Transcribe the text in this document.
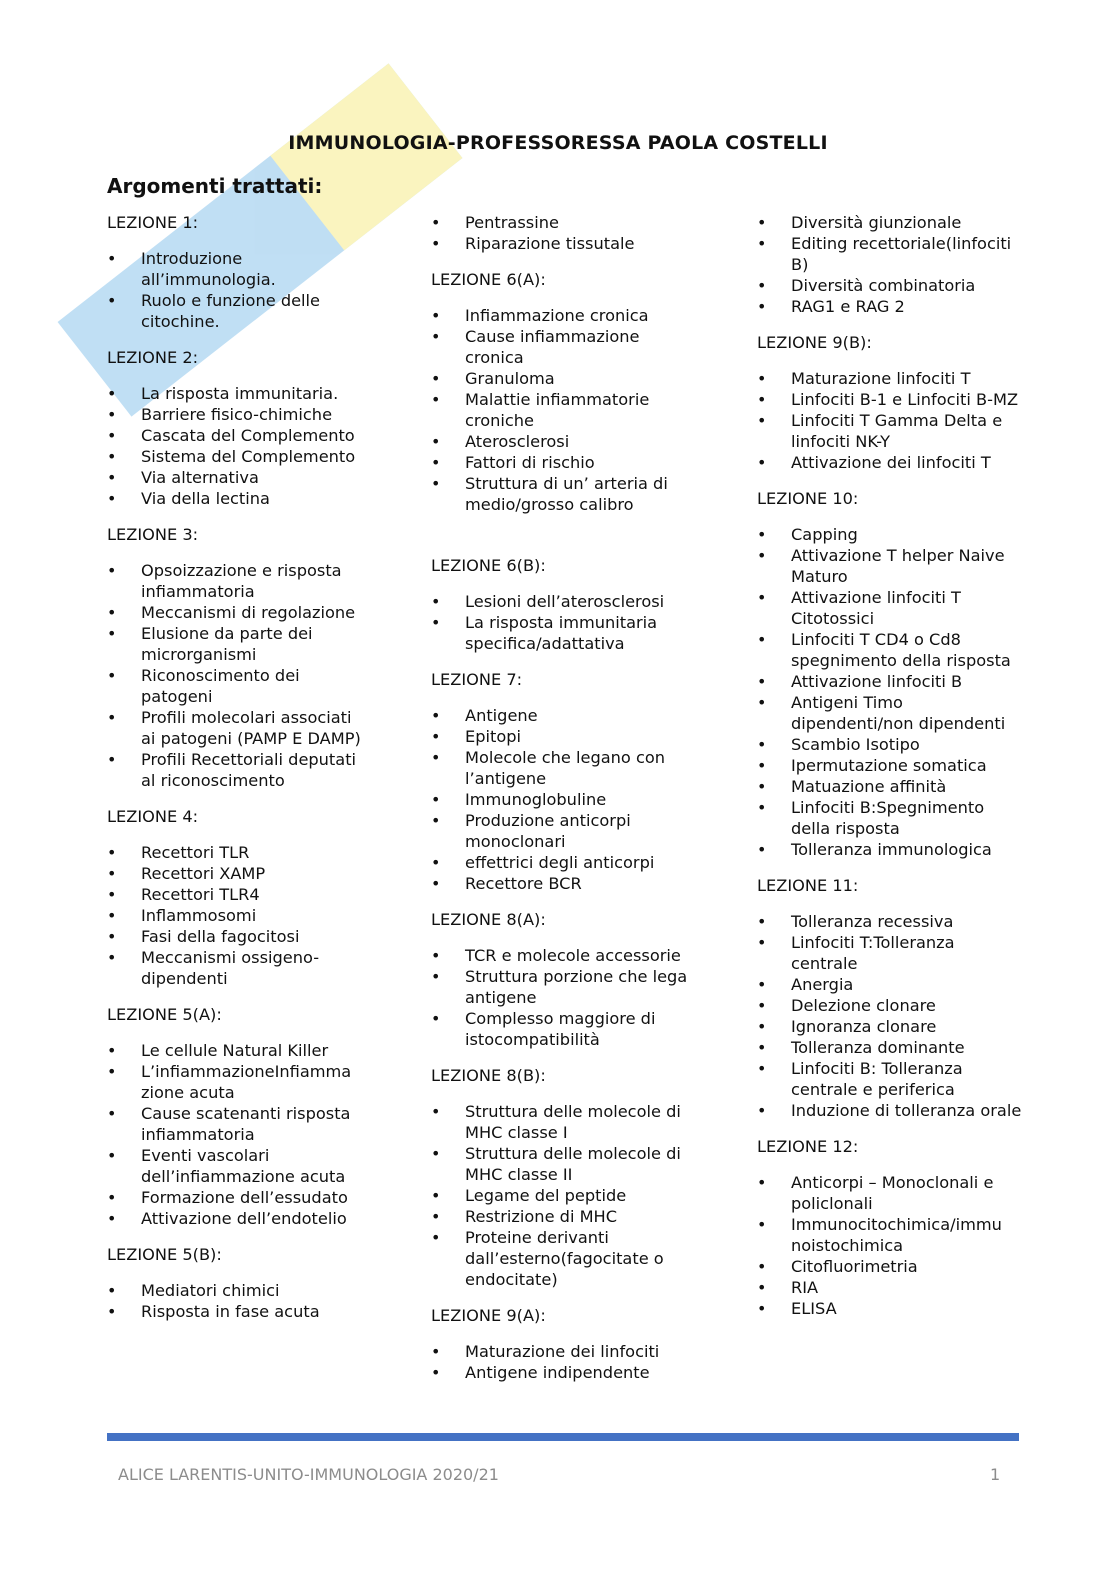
IMMUNOLOGIA-PROFESSORESSA PAOLA COSTELLI
Argomenti trattati:
LEZIONE 1:
• Introduzione all’immunologia.
• Ruolo e funzione delle citochine.
LEZIONE 2:
• La risposta immunitaria.
• Barriere fisico-chimiche
• Cascata del Complemento
• Sistema del Complemento
• Via alternativa
• Via della lectina
LEZIONE 3:
• Opsoizzazione e risposta infiammatoria
• Meccanismi di regolazione
• Elusione da parte dei microrganismi
• Riconoscimento dei patogeni
• Profili molecolari associati ai patogeni (PAMP E DAMP)
• Profili Recettoriali deputati al riconoscimento
LEZIONE 4:
• Recettori TLR
• Recettori XAMP
• Recettori TLR4
• Inflammosomi
• Fasi della fagocitosi
• Meccanismi ossigeno-dipendenti
LEZIONE 5(A):
• Le cellule Natural Killer
• L’infiammazioneInfiamma zione acuta
• Cause scatenanti risposta infiammatoria
• Eventi vascolari dell’infiammazione acuta
• Formazione dell’essudato
• Attivazione dell’endotelio
LEZIONE 5(B):
• Mediatori chimici
• Risposta in fase acuta
• Pentrassine
• Riparazione tissutale
LEZIONE 6(A):
• Infiammazione cronica
• Cause infiammazione cronica
• Granuloma
• Malattie infiammatorie croniche
• Aterosclerosi
• Fattori di rischio
• Struttura di un’ arteria di medio/grosso calibro
LEZIONE 6(B):
• Lesioni dell’aterosclerosi
• La risposta immunitaria specifica/adattativa
LEZIONE 7:
• Antigene
• Epitopi
• Molecole che legano con l’antigene
• Immunoglobuline
• Produzione anticorpi monoclonari
• effettrici degli anticorpi
• Recettore BCR
LEZIONE 8(A):
• TCR e molecole accessorie
• Struttura porzione che lega antigene
• Complesso maggiore di istocompatibilità
LEZIONE 8(B):
• Struttura delle molecole di MHC classe I
• Struttura delle molecole di MHC classe II
• Legame del peptide
• Restrizione di MHC
• Proteine derivanti dall’esterno(fagocitate o endocitate)
LEZIONE 9(A):
• Maturazione dei linfociti
• Antigene indipendente
• Diversità giunzionale
• Editing recettoriale(linfociti B)
• Diversità combinatoria
• RAG1 e RAG 2
LEZIONE 9(B):
• Maturazione linfociti T
• Linfociti B-1 e Linfociti B-MZ
• Linfociti T Gamma Delta e linfociti NK-Y
• Attivazione dei linfociti T
LEZIONE 10:
• Capping
• Attivazione T helper Naive Maturo
• Attivazione linfociti T Citotossici
• Linfociti T CD4 o Cd8 spegnimento della risposta
• Attivazione linfociti B
• Antigeni Timo dipendenti/non dipendenti
• Scambio Isotipo
• Ipermutazione somatica
• Matuazione affinità
• Linfociti B:Spegnimento della risposta
• Tolleranza immunologica
LEZIONE 11:
• Tolleranza recessiva
• Linfociti T:Tolleranza centrale
• Anergia
• Delezione clonare
• Ignoranza clonare
• Tolleranza dominante
• Linfociti B: Tolleranza centrale e periferica
• Induzione di tolleranza orale
LEZIONE 12:
• Anticorpi – Monoclonali e policlonali
• Immunocitochimica/immu noistochimica
• Citofluorimetria
• RIA
• ELISA
ALICE LARENTIS-UNITO-IMMUNOLOGIA 2020/21	1
